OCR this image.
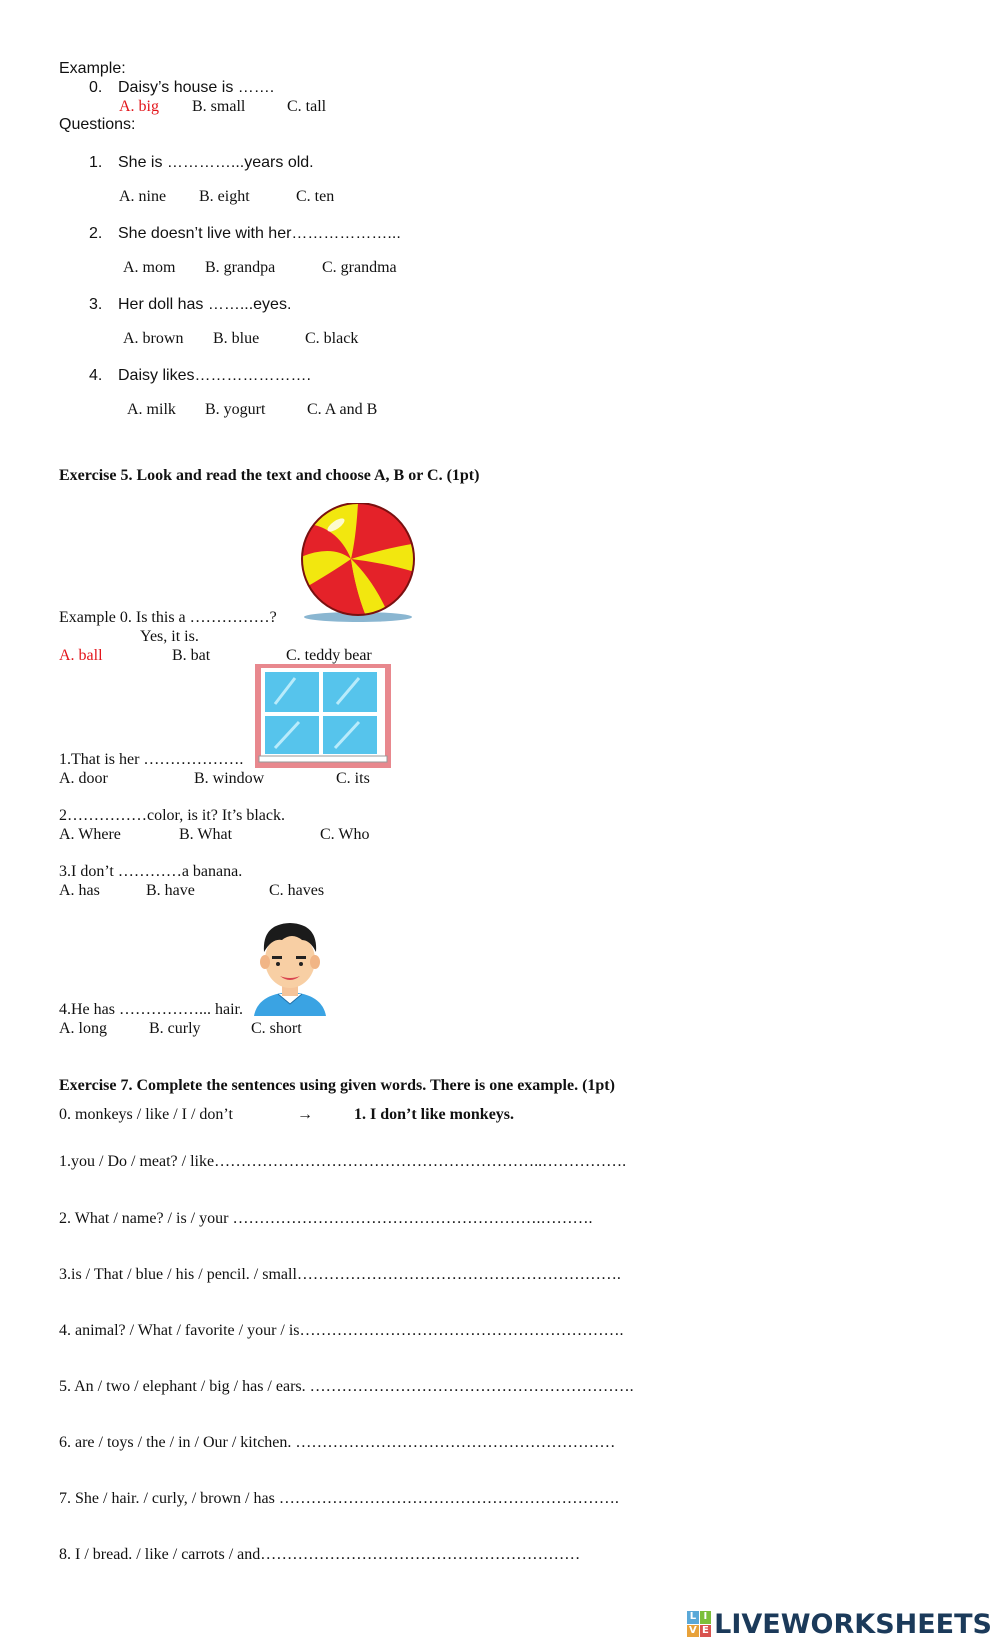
Example:
0. Daisy’s house is …….
A. big B. small	C. tall
Questions:
1. She is …………...years old.
A. nine B. eight	C. ten
2. She doesn’t live with her………………...
A. mom B. grandpa	C. grandma
3. Her doll has ……...eyes.
A. brown B. blue	C. black
4. Daisy likes………………….
A. milk B. yogurt	C. A and B
Exercise 5. Look and read the text and choose A, B or C. (1pt)
Example 0. Is this a ……………?
Yes, it is.
A. ball	B. bat	C. teddy bear
1.That is her ……………….
A. door	B. window	C. its
2……………color, is it? It’s black.
A. Where	B. What	C. Who
3.I don’t …………a banana.
A. has	B. have	C. haves
4.He has ……………... hair.
A. long	B. curly	C. short
Exercise 7. Complete the sentences using given words. There is one example. (1pt)
0. monkeys / like / I / don’t	→	1. I don’t like monkeys.
1.you / Do / meat? / like……………………………………………………..…………….
2. What / name? / is / your ………………………………………………….……….
3.is / That / blue / his / pencil. / small…………………………………………………….
4. animal? / What / favorite / your / is…………………………………………………….
5. An / two / elephant / big / has / ears. …………………………………………………….
6. are / toys / the / in / Our / kitchen. ……………………………………………………
7. She / hair. / curly, / brown / has ……………………………………………………….
8. I / bread. / like / carrots / and……………………………………………………
L I
V E LIVEWORKSHEETS
